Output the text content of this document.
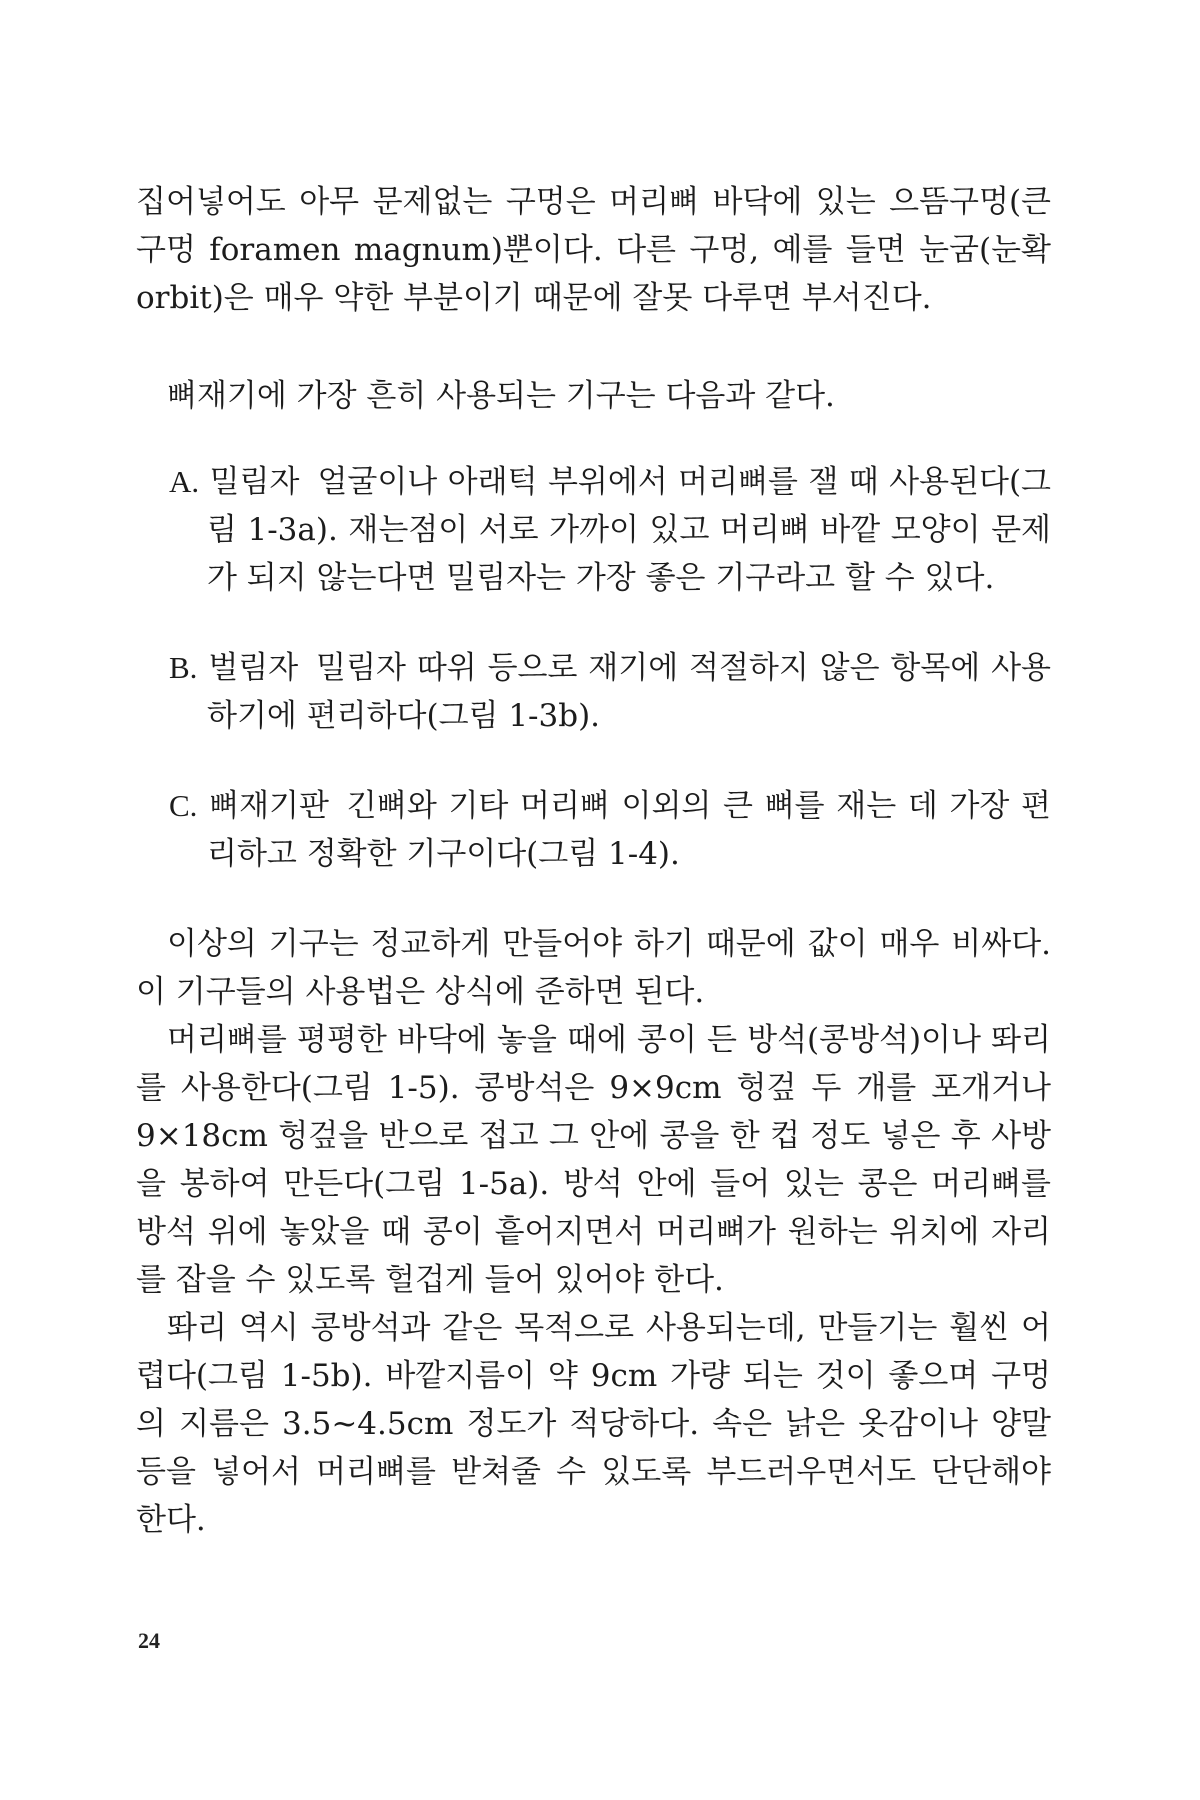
집어넣어도 아무 문제없는 구멍은 머리뼈 바닥에 있는 으뜸구멍(큰구멍 foramen magnum)뿐이다. 다른 구멍, 예를 들면 눈굼(눈확 orbit)은 매우 약한 부분이기 때문에 잘못 다루면 부서진다.

뼈재기에 가장 흔히 사용되는 기구는 다음과 같다.

A. 밀림자 얼굴이나 아래턱 부위에서 머리뼈를 잴 때 사용된다(그림 1-3a). 재는점이 서로 가까이 있고 머리뼈 바깥 모양이 문제가 되지 않는다면 밀림자는 가장 좋은 기구라고 할 수 있다.
B. 벌림자 밀림자 따위 등으로 재기에 적절하지 않은 항목에 사용하기에 편리하다(그림 1-3b).
C. 뼈재기판 긴뼈와 기타 머리뼈 이외의 큰 뼈를 재는 데 가장 편리하고 정확한 기구이다(그림 1-4).

이상의 기구는 정교하게 만들어야 하기 때문에 값이 매우 비싸다. 이 기구들의 사용법은 상식에 준하면 된다.

머리뼈를 평평한 바닥에 놓을 때에 콩이 든 방석(콩방석)이나 똬리를 사용한다(그림 1-5). 콩방석은 9×9cm 헝겊 두 개를 포개거나 9×18cm 헝겊을 반으로 접고 그 안에 콩을 한 컵 정도 넣은 후 사방을 봉하여 만든다(그림 1-5a). 방석 안에 들어 있는 콩은 머리뼈를 방석 위에 놓았을 때 콩이 흩어지면서 머리뼈가 원하는 위치에 자리를 잡을 수 있도록 헐겁게 들어 있어야 한다.

똬리 역시 콩방석과 같은 목적으로 사용되는데, 만들기는 훨씬 어렵다(그림 1-5b). 바깥지름이 약 9cm 가량 되는 것이 좋으며 구멍의 지름은 3.5~4.5cm 정도가 적당하다. 속은 낡은 옷감이나 양말 등을 넣어서 머리뼈를 받쳐줄 수 있도록 부드러우면서도 단단해야 한다.

24
